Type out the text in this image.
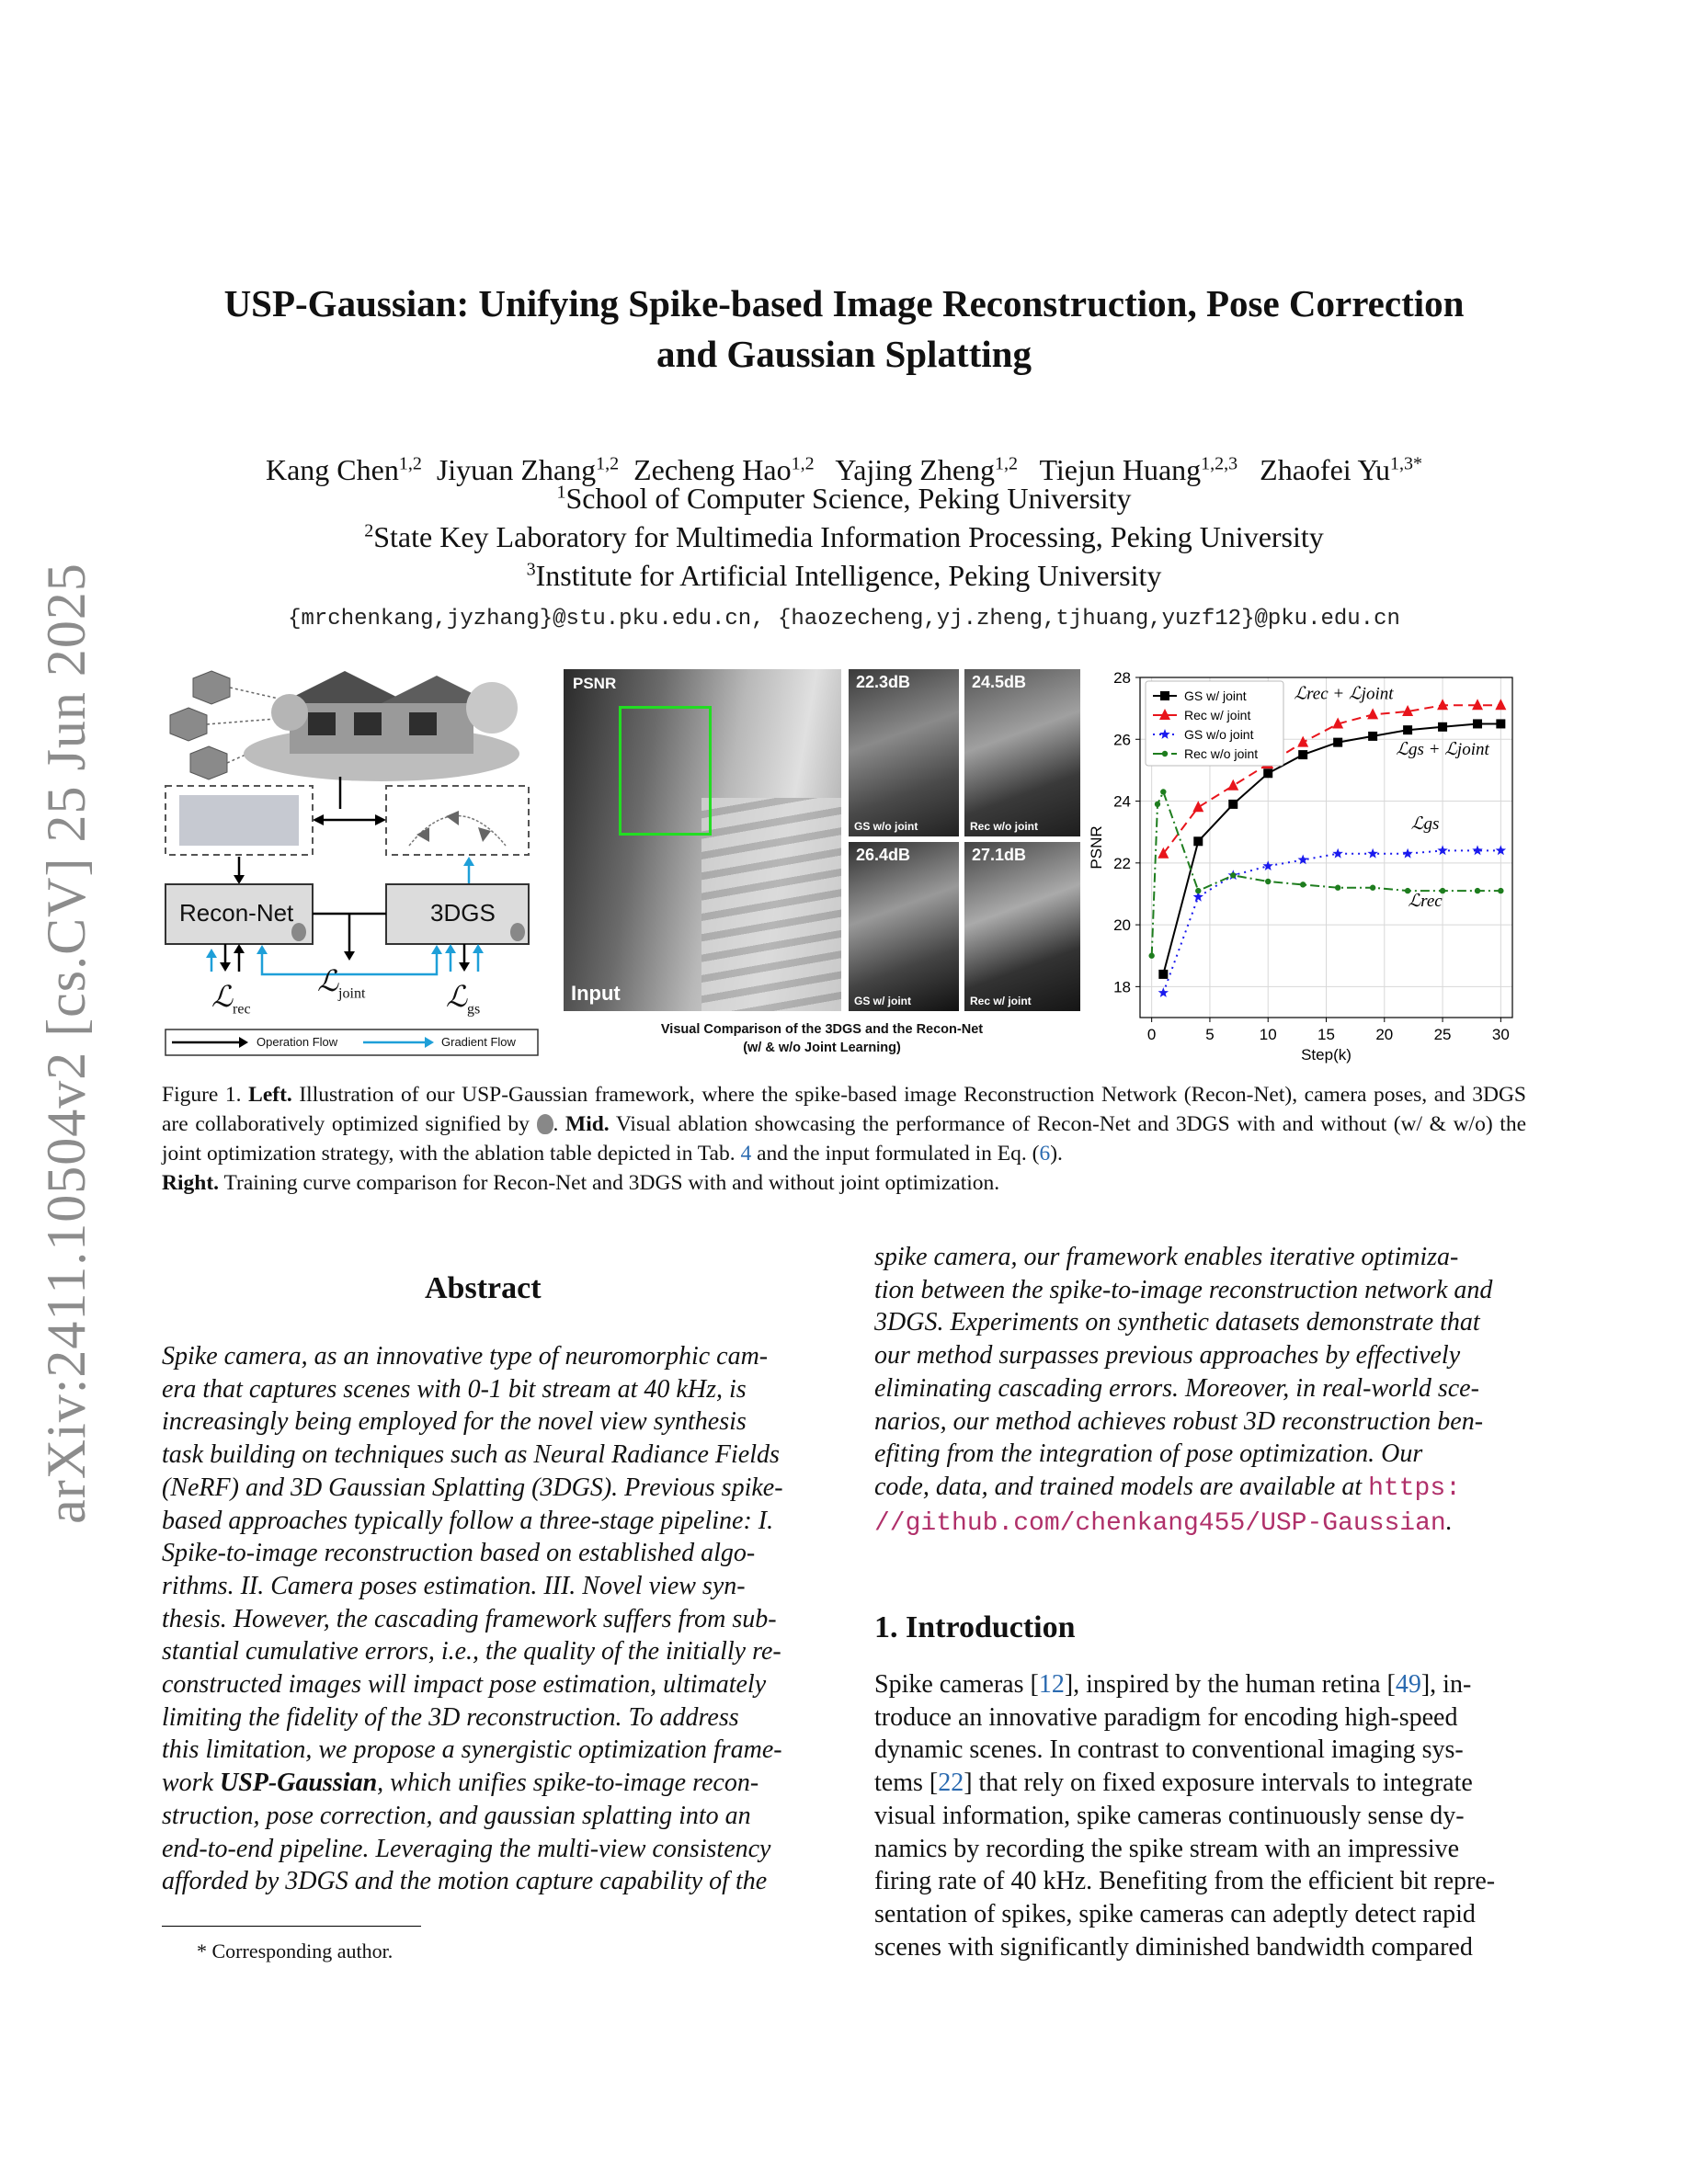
arXiv:2411.10504v2 [cs.CV] 25 Jun 2025
USP-Gaussian: Unifying Spike-based Image Reconstruction, Pose Correction
and Gaussian Splatting
Kang Chen$^{1,2}$ Jiyuan Zhang$^{1,2}$ Zecheng Hao$^{1,2}$ Yajing Zheng$^{1,2}$ Tiejun Huang$^{1,2,3}$ Zhaofei $Yu^{1,3*}$
$^1$School of Computer Science, Peking University
$^2$State Key Laboratory for Multimedia Information Processing, Peking University
$^3$Institute for Artificial Intelligence, Peking University
{mrchenkang,jyzhang}@stu.pku.edu.cn, {haozecheng,yj.zheng,tjhuang,yuzf12}@pku.edu.cn
Recon-Net	3DGS
ℒ$_{rec}$
ℒ$_{joint}$	ℒ$_{gs}$
Operation Flow	Gradient Flow
PSNR
Input
22.3dB
GS w/o joint
24.5dB
Rec w/o joint
26.4dB
GS w/ joint
27.1dB
Rec w/ joint
Visual Comparison of the 3DGS and the Recon-Net
(w/ & w/o Joint Learning)
0	5	10	15	20	25	30
18
20
22
24
26
28
Step(k)
PSNR
GS w/ joint
Rec w/ joint
GS w/o joint
Rec w/o joint
ℒrec + ℒjoint
ℒgs + ℒjoint
ℒgs
ℒrec
Figure 1. Left. Illustration of our USP-Gaussian framework, where the spike-based image Reconstruction Network (Recon-Net), camera poses, and 3DGS are collaboratively optimized signified by . Mid. Visual ablation showcasing the performance of Recon-Net and 3DGS with and without (w/ & w/o) the joint optimization strategy, with the ablation table depicted in Tab. 4 and the input formulated in Eq. (6).
Right. Training curve comparison for Recon-Net and 3DGS with and without joint optimization.
Abstract
Spike camera, as an innovative type of neuromorphic cam-
era that captures scenes with 0-1 bit stream at 40 kHz, is
increasingly being employed for the novel view synthesis
task building on techniques such as Neural Radiance Fields
(NeRF) and 3D Gaussian Splatting (3DGS). Previous spike-
based approaches typically follow a three-stage pipeline: I.
Spike-to-image reconstruction based on established algo-
rithms. II. Camera poses estimation. III. Novel view syn-
thesis. However, the cascading framework suffers from sub-
stantial cumulative errors, i.e., the quality of the initially re-
constructed images will impact pose estimation, ultimately
limiting the fidelity of the 3D reconstruction. To address
this limitation, we propose a synergistic optimization frame-
work USP-Gaussian, which unifies spike-to-image recon-
struction, pose correction, and gaussian splatting into an
end-to-end pipeline. Leveraging the multi-view consistency
afforded by 3DGS and the motion capture capability of the
* Corresponding author.
spike camera, our framework enables iterative optimiza-
tion between the spike-to-image reconstruction network and
3DGS. Experiments on synthetic datasets demonstrate that
our method surpasses previous approaches by effectively
eliminating cascading errors. Moreover, in real-world sce-
narios, our method achieves robust 3D reconstruction ben-
efiting from the integration of pose optimization. Our
code, data, and trained models are available at https:
//github.com/chenkang455/USP-Gaussian.
1. Introduction
Spike cameras [12], inspired by the human retina [49], in-
troduce an innovative paradigm for encoding high-speed
dynamic scenes. In contrast to conventional imaging sys-
tems [22] that rely on fixed exposure intervals to integrate
visual information, spike cameras continuously sense dy-
namics by recording the spike stream with an impressive
firing rate of 40 kHz. Benefiting from the efficient bit repre-
sentation of spikes, spike cameras can adeptly detect rapid
scenes with significantly diminished bandwidth compared
